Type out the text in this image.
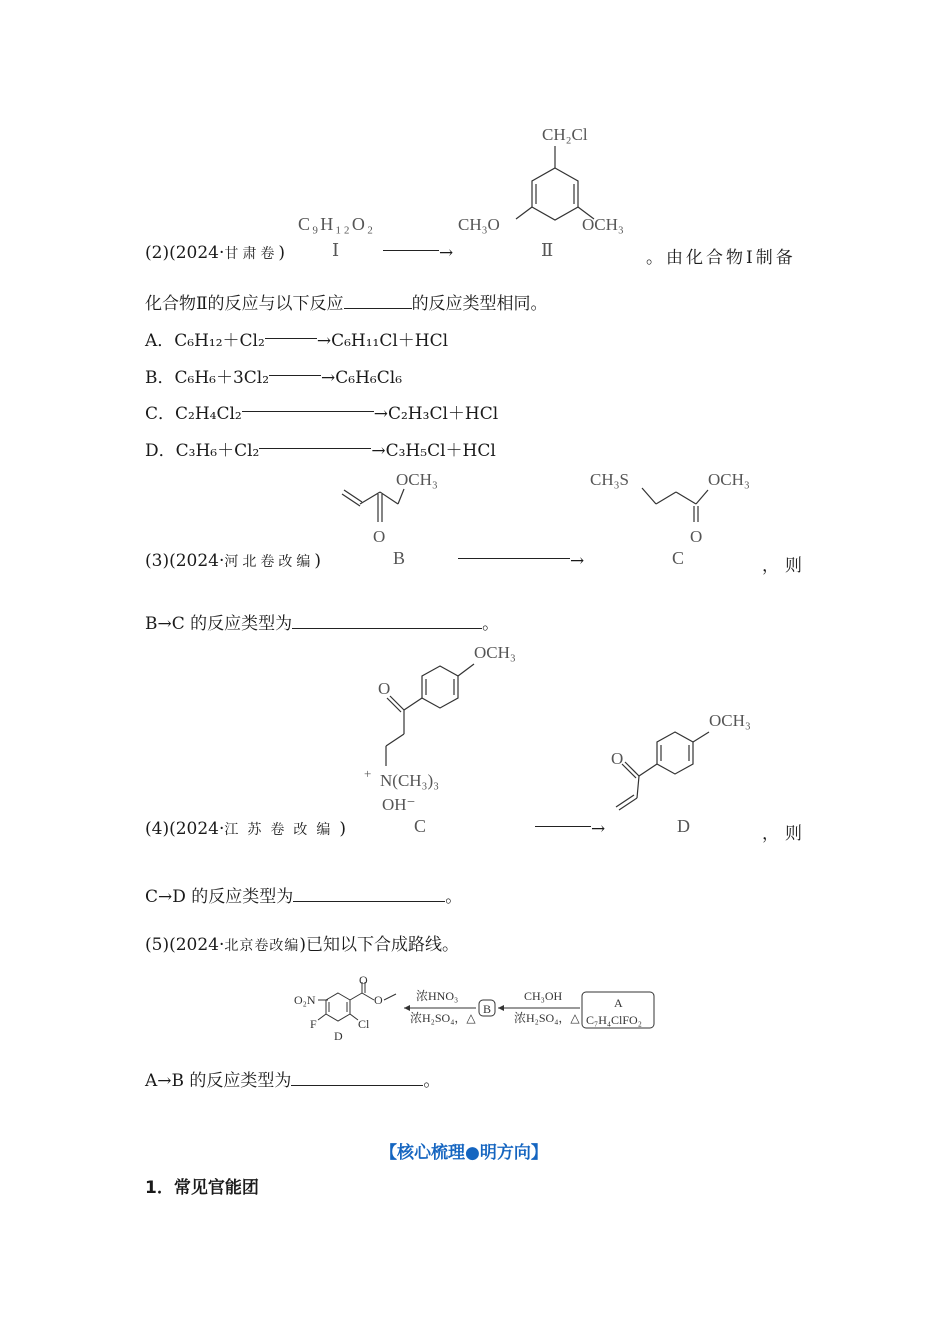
CH₂Cl
CH₃O	OCH₃
C₉H₁₂O₂
Ⅰ	Ⅱ
(2)(2024·甘肃卷)	→	。由化合物Ⅰ制备
化合物Ⅱ的反应与以下反应	的反应类型相同。
A．C₆H₁₂＋Cl₂	→C₆H₁₁Cl＋HCl
B．C₆H₆＋3Cl₂	→C₆H₆Cl₆
C．C₂H₄Cl₂	→C₂H₃Cl＋HCl
D．C₃H₆＋Cl₂	→C₃H₅Cl＋HCl
OCH₃
O
CH₃S	OCH₃
O
(3)(2024·河北卷改编)	B	→	C	，则
B→C 的反应类型为	。
OCH₃
O
+ N(CH₃)₃
OH⁻
OCH₃
O
(4)(2024·江苏卷改编)	C	→	D	，则
C→D 的反应类型为	。
(5)(2024·北京卷改编)已知以下合成路线。
O₂N
O
O
F	Cl
D
浓HNO₃
浓H₂SO₄，△
B
CH₃OH
浓H₂SO₄，△
A
C₇H₄ClFO₂
A→B 的反应类型为	。
【核心梳理●明方向】
1．常见官能团
